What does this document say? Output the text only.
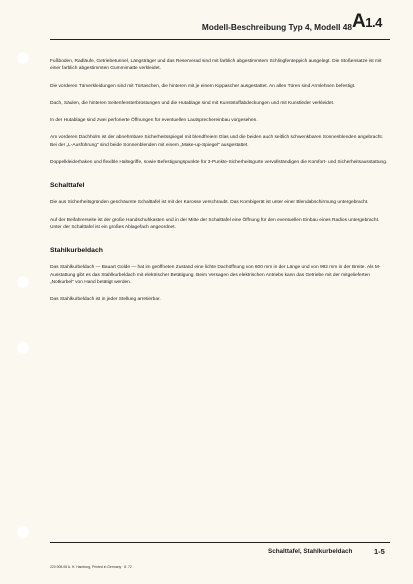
Modell-Beschreibung Typ 4, Modell 48 A1.4

Fußboden, Radläufe, Getriebetunnel, Längsträger und das Reserverad sind mit farblich abgestimmtem Schlingfenteppich ausgelegt. Die Stoßensatze ist mit einer farblich abgestimmten Gummimatte verkleidet.

Die vorderen Türverkleidungen sind mit Türtaschen, die hinteren mit je einem Kippascher ausgestattet. An allen Türen sind Armlehnen befestigt.

Dach, Säulen, die hinteren Seitenfensterbrüstungen und die Hutablage sind mit Kunststoffabdeckungen und mit Kunstleder verkleidet.

In der Hutablage sind zwei perforierte Öffnungen für eventuellen Lautsprechereinbau vorgesehen.

Am vorderen Dachholm ist der abnehmbare Sicherheitsspiegel mit blendfreiem Glas und die beiden auch seitlich schwenkbaren Sonnenblenden angebracht. Bei der „L-Ausführung" sind beide Sonnenblenden mit einem „Make-up-Spiegel" ausgestattet.

Doppelkleiderhaken und flexible Haltegriffe, sowie Befestigungspunkte für 3-Punkte-Sicherheitsgurte vervollständigen die Komfort- und Sicherheitsausstattung.

Schalttafel

Die aus Sicherheitsgründen geschäumte Schalttafel ist mit der Karosse verschraubt. Das Kombigerät ist unter einer Blendabschirmung untergebracht.

Auf der Beifahrerseite ist der große Handschuhkasten und in der Mitte der Schalttafel eine Öffnung für den eventuellen Einbau eines Radios untergebracht. Unter der Schalttafel ist ein großes Ablagefach angeordnet.

Stahlkurbeldach

Das Stahlkurbeldach — Bauart Golde — hat im geöffneten Zustand eine lichte Dachöffnung von 600 mm in der Länge und von 992 mm in der Breite. Als M-Ausstattung gibt es das Stahlkurbeldach mit elektrischer Betätigung. Beim Versagen des elektrischen Antriebs kann das Getriebe mit der mitgelieferten „Notkurbel" von Hand betätigt werden.

Das Stahlkurbeldach ist in jeder Stellung arretierbar.

Schalttafel, Stahlkurbeldach	1-5
220.908.08 A. H. Hamburg, Printed in Germany · 8. 72
